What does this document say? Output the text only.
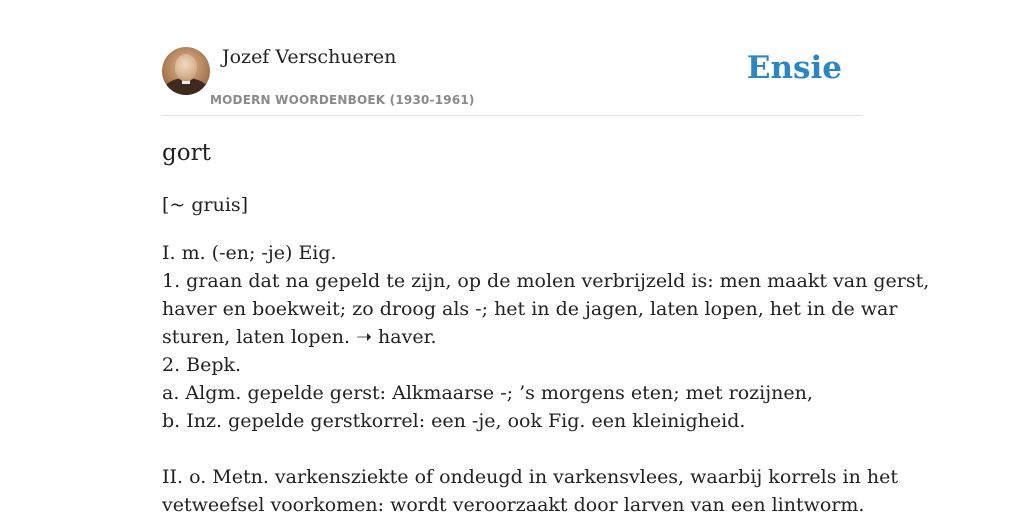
Jozef Verschueren
MODERN WOORDENBOEK (1930-1961)
Ensie
gort
[~ gruis]
I. m. (-en; -je) Eig.
1. graan dat na gepeld te zijn, op de molen verbrijzeld is: men maakt van gerst,
haver en boekweit; zo droog als -; het in de jagen, laten lopen, het in de war
sturen, laten lopen. ➝ haver.
2. Bepk.
a. Algm. gepelde gerst: Alkmaarse -; ’s morgens eten; met rozijnen,
b. Inz. gepelde gerstkorrel: een -je, ook Fig. een kleinigheid.
II. o. Metn. varkensziekte of ondeugd in varkensvlees, waarbij korrels in het
vetweefsel voorkomen: wordt veroorzaakt door larven van een lintworm.
